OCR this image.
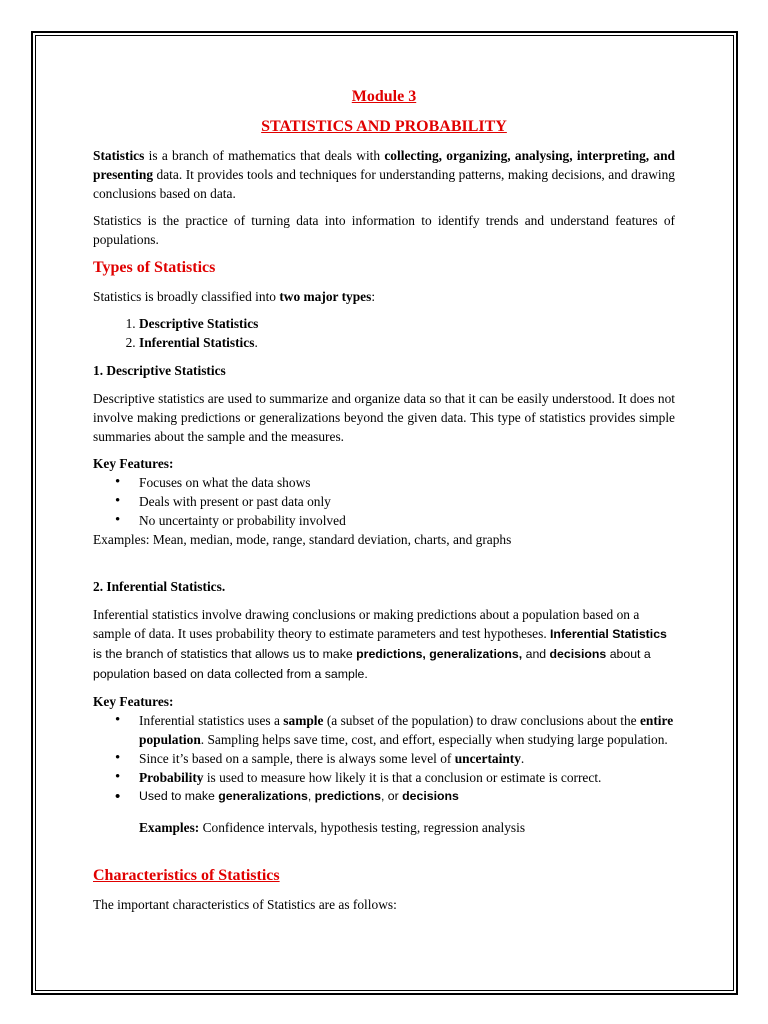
Module 3
STATISTICS AND PROBABILITY

Statistics is a branch of mathematics that deals with collecting, organizing, analysing, interpreting, and presenting data. It provides tools and techniques for understanding patterns, making decisions, and drawing conclusions based on data.

Statistics is the practice of turning data into information to identify trends and understand features of populations.

Types of Statistics

Statistics is broadly classified into two major types:

1. Descriptive Statistics
2. Inferential Statistics.
1. Descriptive Statistics

Descriptive statistics are used to summarize and organize data so that it can be easily understood. It does not involve making predictions or generalizations beyond the given data. This type of statistics provides simple summaries about the sample and the measures.

Key Features:
• Focuses on what the data shows
• Deals with present or past data only
• No uncertainty or probability involved
Examples: Mean, median, mode, range, standard deviation, charts, and graphs
2. Inferential Statistics.

Inferential statistics involve drawing conclusions or making predictions about a population based on a sample of data. It uses probability theory to estimate parameters and test hypotheses. Inferential Statistics is the branch of statistics that allows us to make predictions, generalizations, and decisions about a population based on data collected from a sample.

Key Features:
• Inferential statistics uses a sample (a subset of the population) to draw conclusions about the entire population. Sampling helps save time, cost, and effort, especially when studying large population.
• Since it’s based on a sample, there is always some level of uncertainty.
• Probability is used to measure how likely it is that a conclusion or estimate is correct.
• Used to make generalizations, predictions, or decisions
Examples: Confidence intervals, hypothesis testing, regression analysis
Characteristics of Statistics

The important characteristics of Statistics are as follows:
